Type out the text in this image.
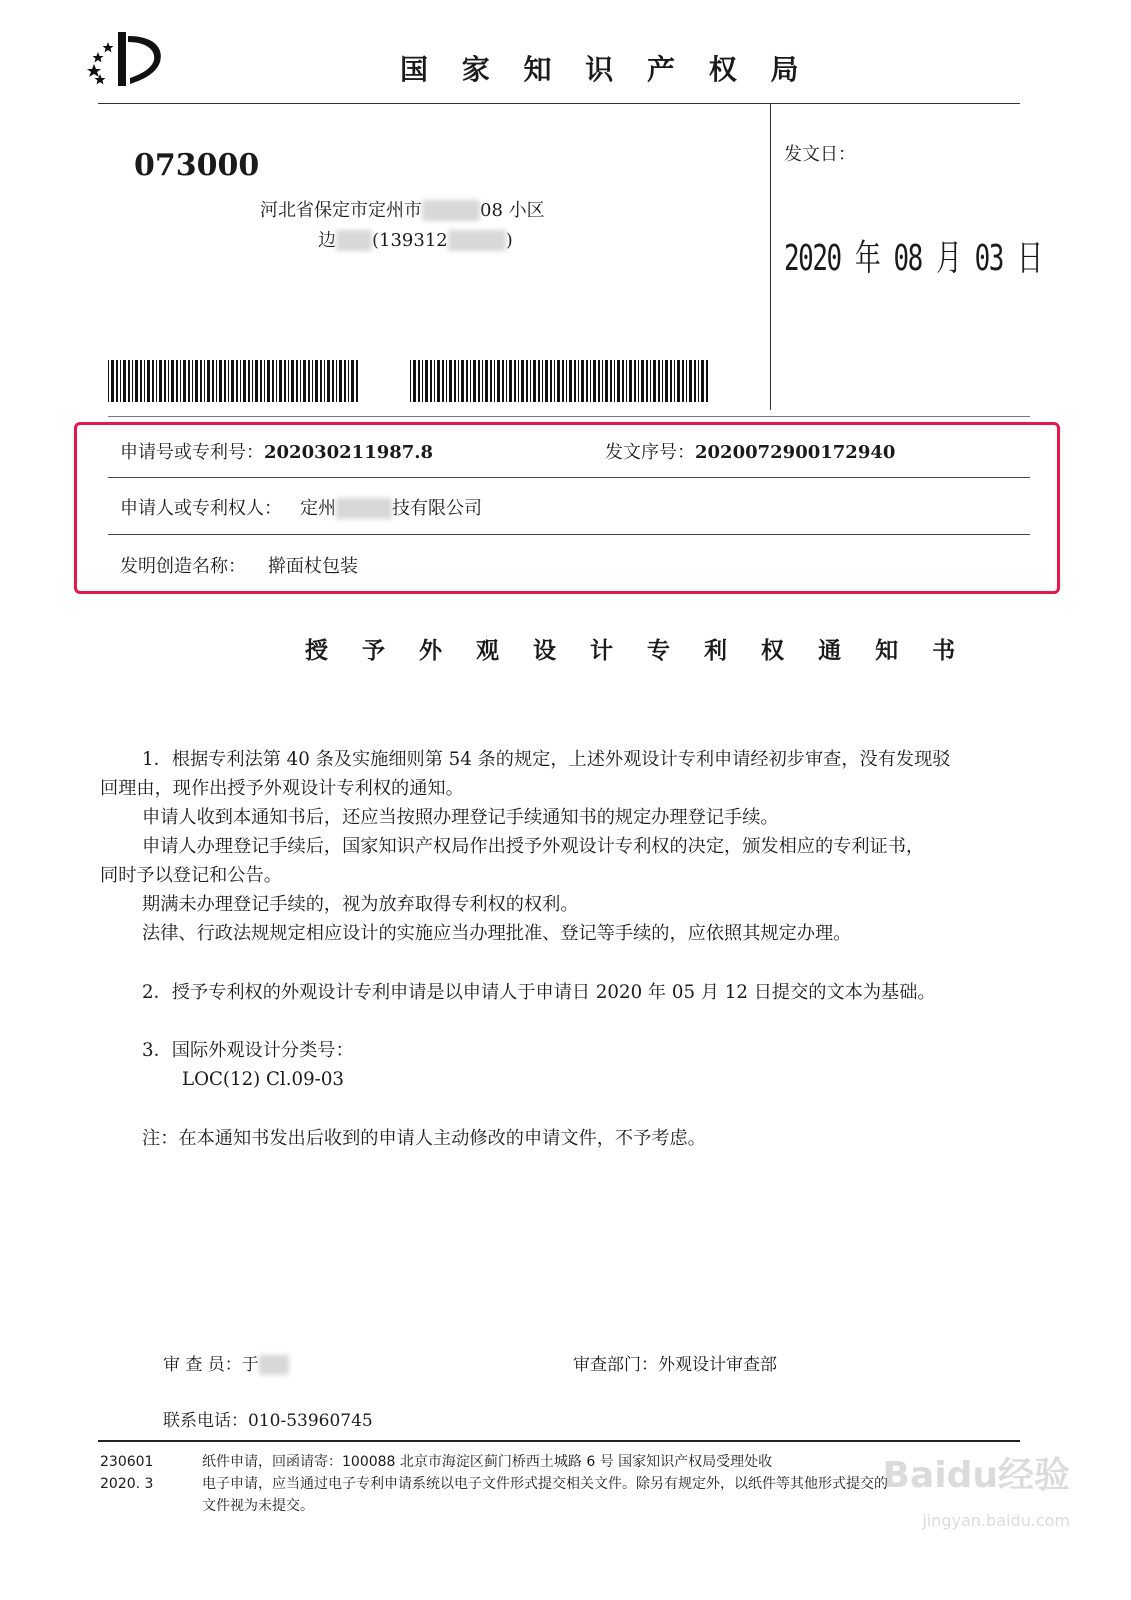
国 家 知 识 产 权 局
073000
河北省保定市定州市	08 小区
边 (139312	)
发文日：
2020 年 08 月 03 日
申请号或专利号：202030211987.8	发文序号：2020072900172940
申请人或专利权人： 定州	技有限公司
发明创造名称： 擀面杖包装
授 予 外 观 设 计 专 利 权 通 知 书
1．根据专利法第 40 条及实施细则第 54 条的规定，上述外观设计专利申请经初步审查，没有发现驳
回理由，现作出授予外观设计专利权的通知。
申请人收到本通知书后，还应当按照办理登记手续通知书的规定办理登记手续。
申请人办理登记手续后，国家知识产权局作出授予外观设计专利权的决定，颁发相应的专利证书，
同时予以登记和公告。
期满未办理登记手续的，视为放弃取得专利权的权利。
法律、行政法规规定相应设计的实施应当办理批准、登记等手续的，应依照其规定办理。
2．授予专利权的外观设计专利申请是以申请人于申请日 2020 年 05 月 12 日提交的文本为基础。
3．国际外观设计分类号：
LOC(12) Cl.09-03
注：在本通知书发出后收到的申请人主动修改的申请文件，不予考虑。
审 查 员：于	审查部门：外观设计审查部
联系电话：010-53960745
230601
2020. 3
纸件申请，回函请寄：100088 北京市海淀区蓟门桥西土城路 6 号 国家知识产权局受理处收
电子申请，应当通过电子专利申请系统以电子文件形式提交相关文件。除另有规定外，以纸件等其他形式提交的
文件视为未提交。
Baidu经验
jingyan.baidu.com
